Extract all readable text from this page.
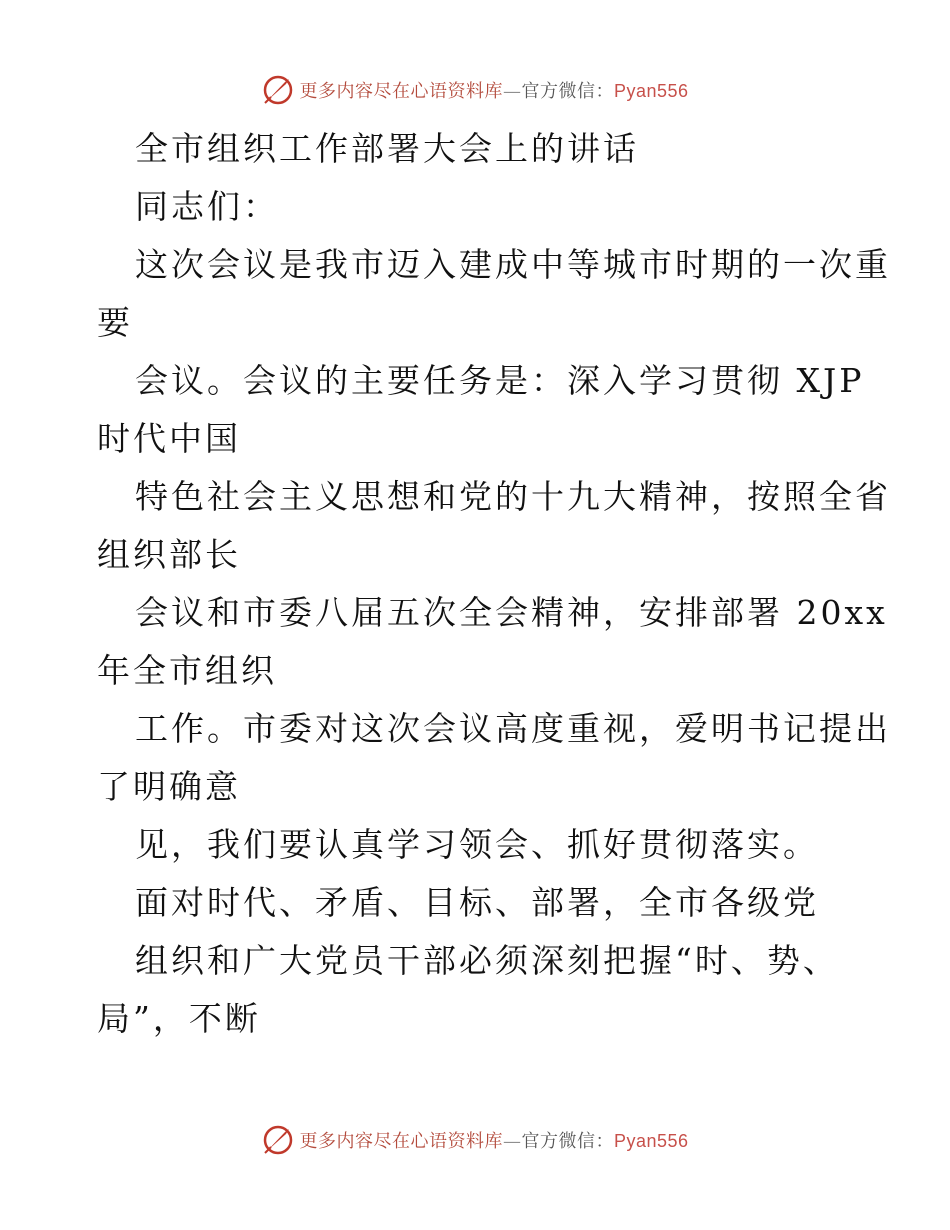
更多内容尽在心语资料库—官方微信：Pyan556
全市组织工作部署大会上的讲话
同志们：
这次会议是我市迈入建成中等城市时期的一次重
要
会议。会议的主要任务是：深入学习贯彻 XJP
时代中国
特色社会主义思想和党的十九大精神，按照全省
组织部长
会议和市委八届五次全会精神，安排部署 20xx
年全市组织
工作。市委对这次会议高度重视，爱明书记提出
了明确意
见，我们要认真学习领会、抓好贯彻落实。
面对时代、矛盾、目标、部署，全市各级党
组织和广大党员干部必须深刻把握“时、势、
局”，不断
更多内容尽在心语资料库—官方微信：Pyan556
